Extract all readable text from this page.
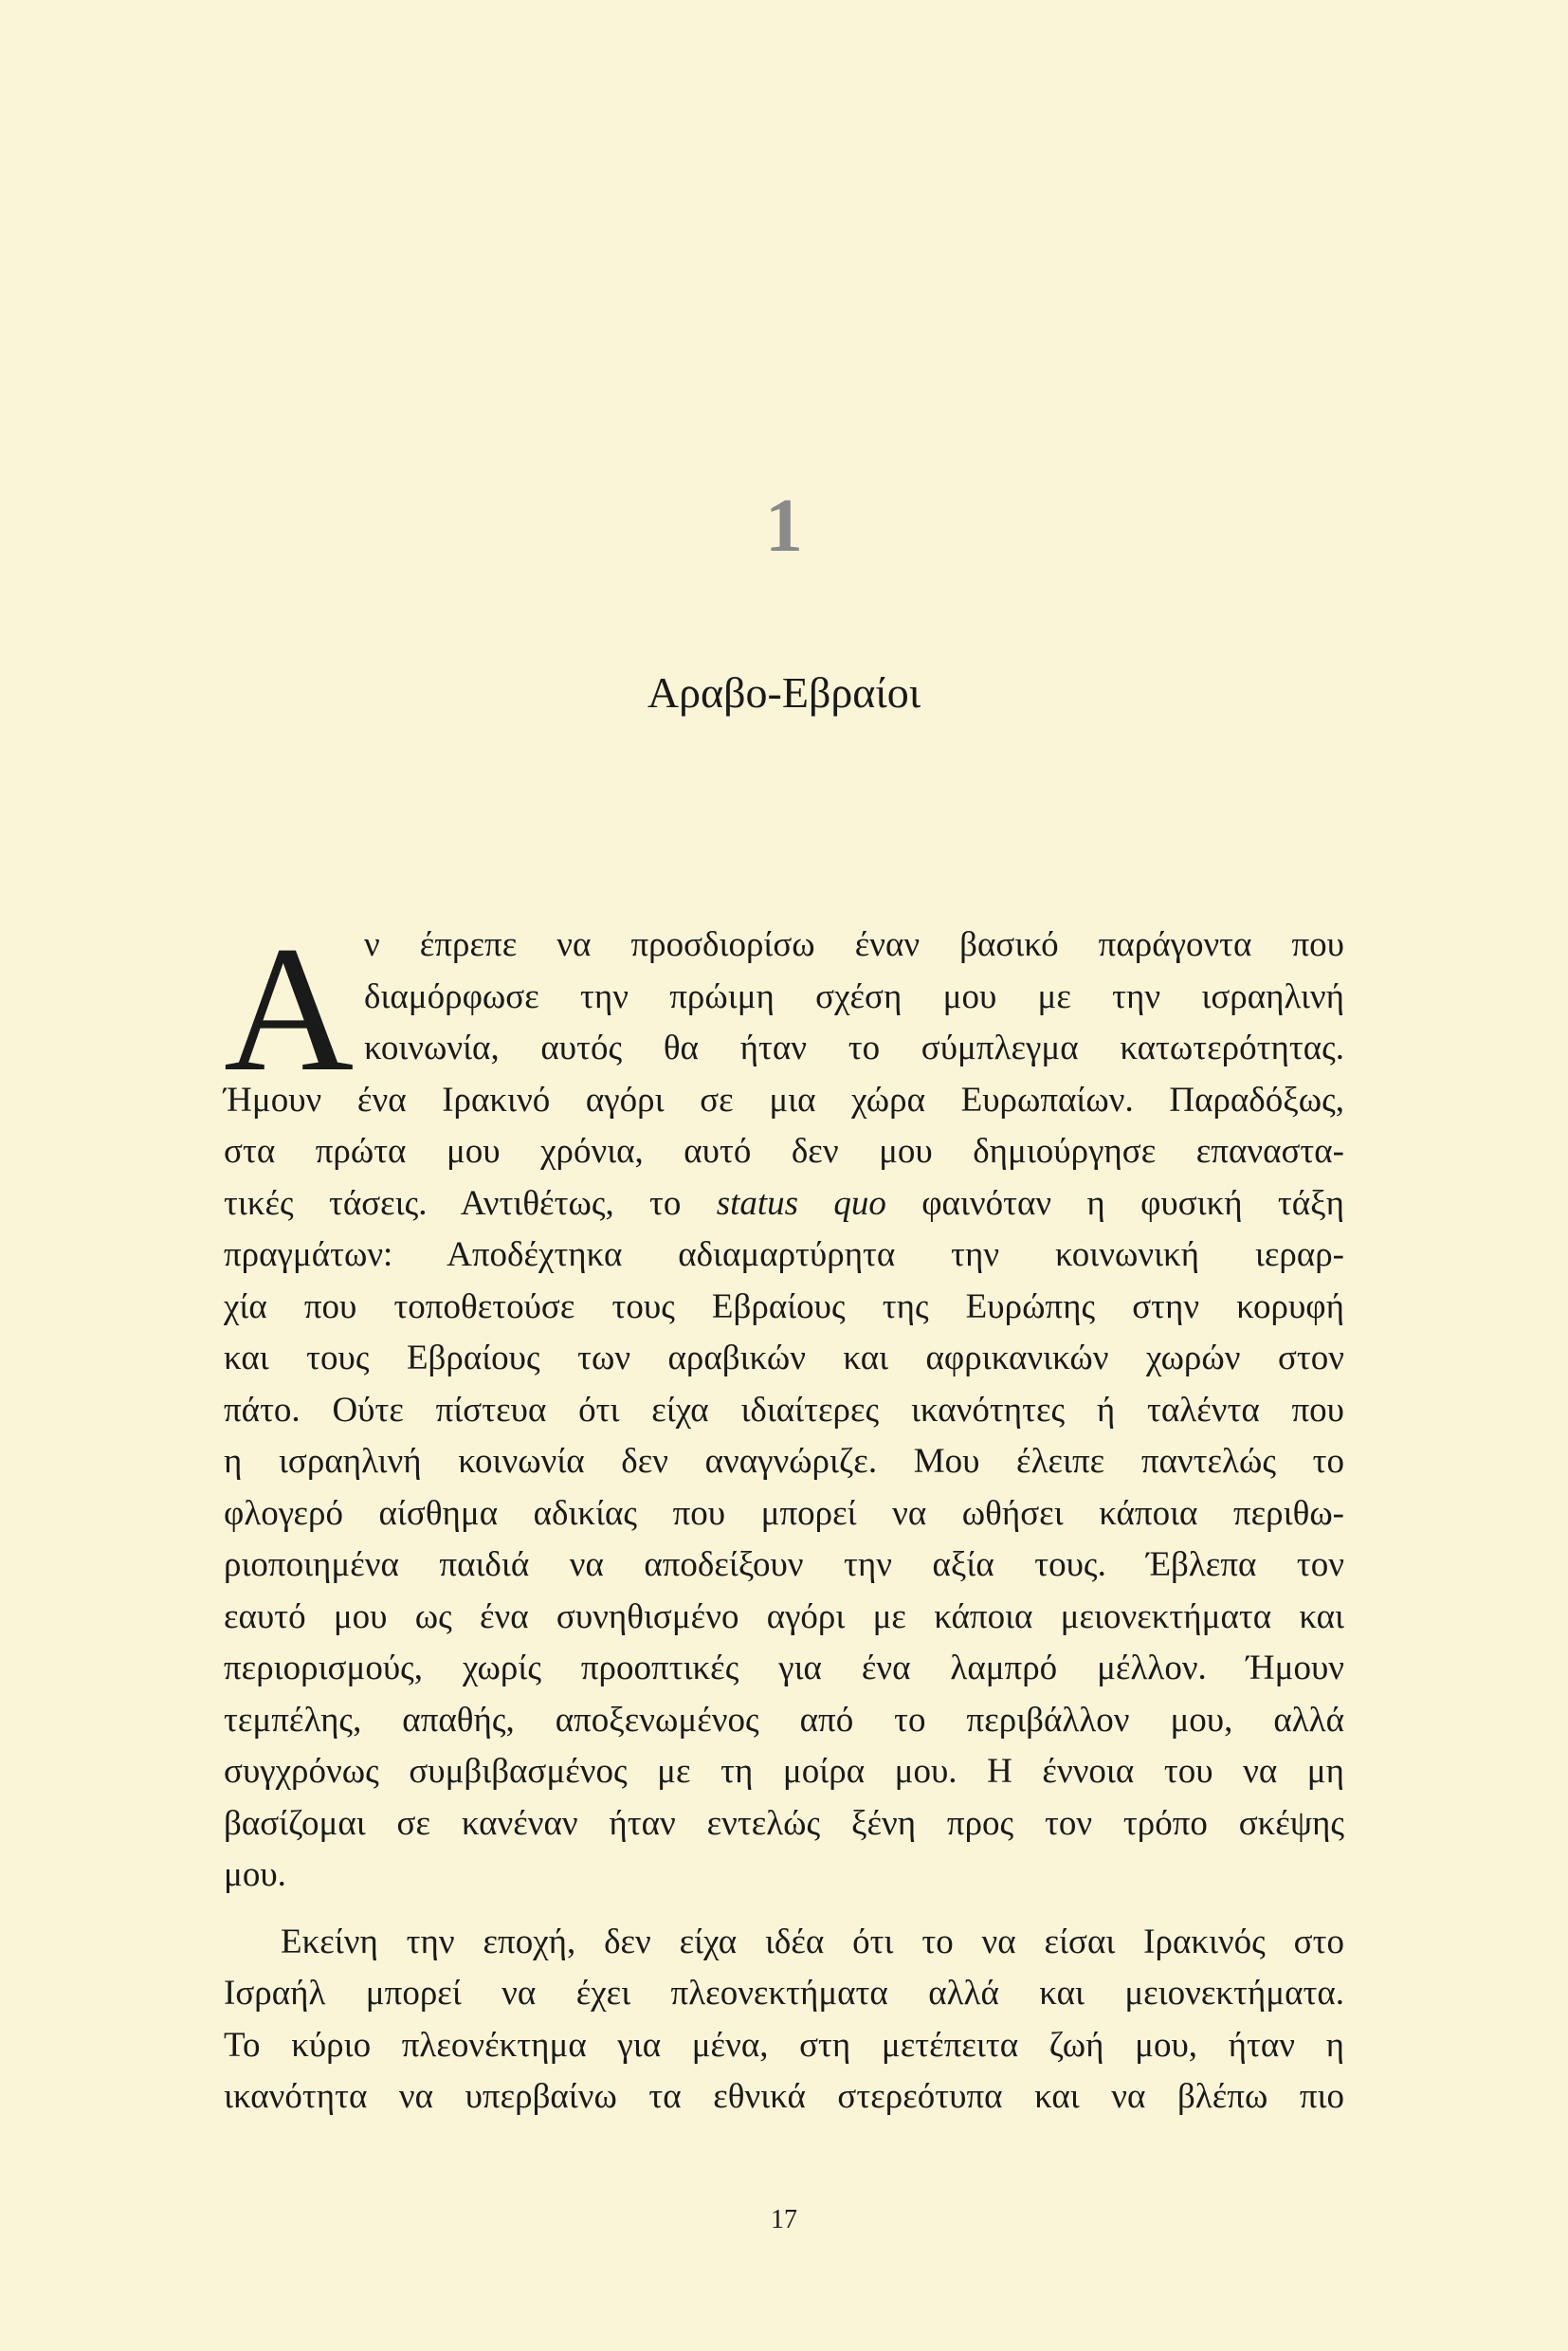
1
Αραβο-Εβραίοι
Α ν έπρεπε να προσδιορίσω έναν βασικό παράγοντα που
διαμόρφωσε την πρώιμη σχέση μου με την ισραηλινή
κοινωνία, αυτός θα ήταν το σύμπλεγμα κατωτερότητας.
Ήμουν ένα Ιρακινό αγόρι σε μια χώρα Ευρωπαίων. Παραδόξως,
στα πρώτα μου χρόνια, αυτό δεν μου δημιούργησε επαναστα-
τικές τάσεις. Αντιθέτως, το status quo φαινόταν η φυσική τάξη
πραγμάτων: Αποδέχτηκα αδιαμαρτύρητα την κοινωνική ιεραρ-
χία που τοποθετούσε τους Εβραίους της Ευρώπης στην κορυφή
και τους Εβραίους των αραβικών και αφρικανικών χωρών στον
πάτο. Ούτε πίστευα ότι είχα ιδιαίτερες ικανότητες ή ταλέντα που
η ισραηλινή κοινωνία δεν αναγνώριζε. Μου έλειπε παντελώς το
φλογερό αίσθημα αδικίας που μπορεί να ωθήσει κάποια περιθω-
ριοποιημένα παιδιά να αποδείξουν την αξία τους. Έβλεπα τον
εαυτό μου ως ένα συνηθισμένο αγόρι με κάποια μειονεκτήματα και
περιορισμούς, χωρίς προοπτικές για ένα λαμπρό μέλλον. Ήμουν
τεμπέλης, απαθής, αποξενωμένος από το περιβάλλον μου, αλλά
συγχρόνως συμβιβασμένος με τη μοίρα μου. Η έννοια του να μη
βασίζομαι σε κανέναν ήταν εντελώς ξένη προς τον τρόπο σκέψης
μου.
Εκείνη την εποχή, δεν είχα ιδέα ότι το να είσαι Ιρακινός στο
Ισραήλ μπορεί να έχει πλεονεκτήματα αλλά και μειονεκτήματα.
Το κύριο πλεονέκτημα για μένα, στη μετέπειτα ζωή μου, ήταν η
ικανότητα να υπερβαίνω τα εθνικά στερεότυπα και να βλέπω πιο
17
